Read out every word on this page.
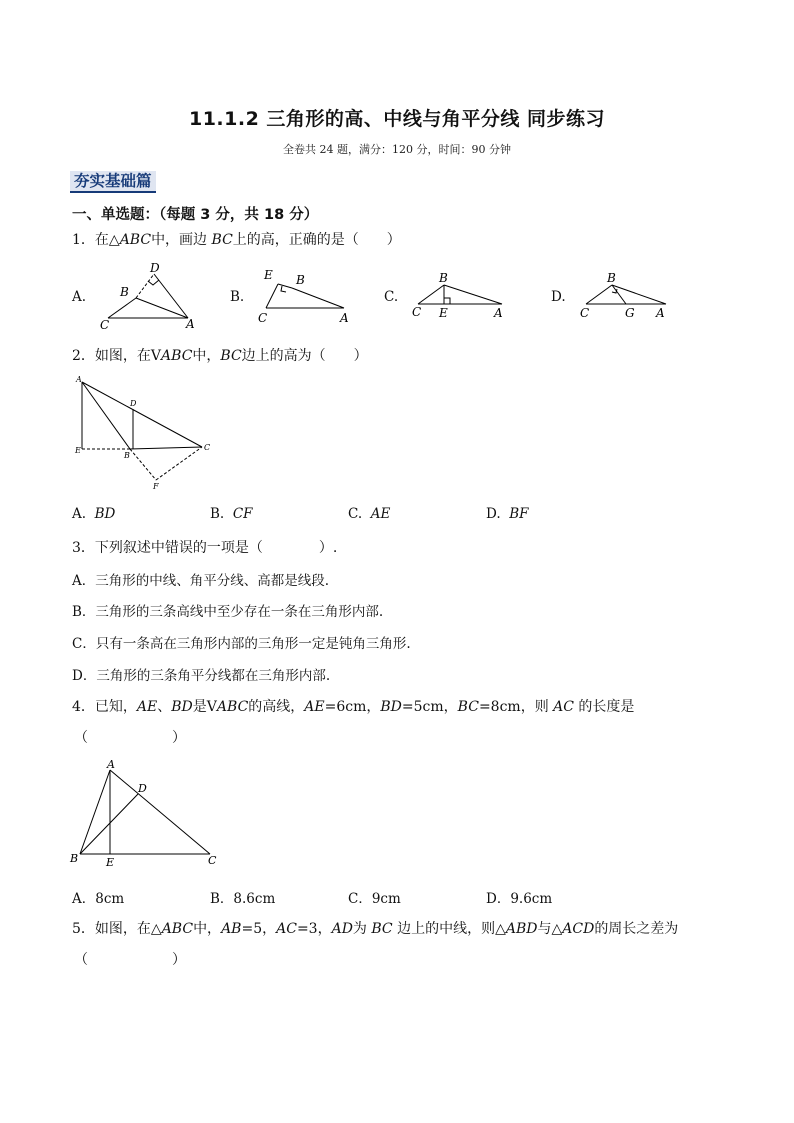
11.1.2 三角形的高、中线与角平分线 同步练习
全卷共 24 题，满分：120 分，时间：90 分钟
夯实基础篇
一、单选题：（每题 3 分，共 18 分）
1．在△ABC中，画边 BC上的高，正确的是（　　）
A.
D
B
C	A
B.
E B
C	A
C.
B
C E	A
D.
B
C	G A
2．如图，在VABC中，BC边上的高为（　　）
A
D
E
B
C
F
A. BD	B. CF	C. AE	D. BF
3．下列叙述中错误的一项是（　　　　）.
A．三角形的中线、角平分线、高都是线段.
B．三角形的三条高线中至少存在一条在三角形内部.
C．只有一条高在三角形内部的三角形一定是钝角三角形.
D．三角形的三条角平分线都在三角形内部.
4．已知，AE、BD是VABC的高线，AE=6cm，BD=5cm，BC=8cm，则 AC 的长度是
（　　　　　　）
A
D
B	E	C
A．8cm	B．8.6cm	C．9cm	D．9.6cm
5．如图，在△ABC中，AB=5，AC=3，AD为 BC 边上的中线，则△ABD与△ACD的周长之差为
（　　　　　　）
